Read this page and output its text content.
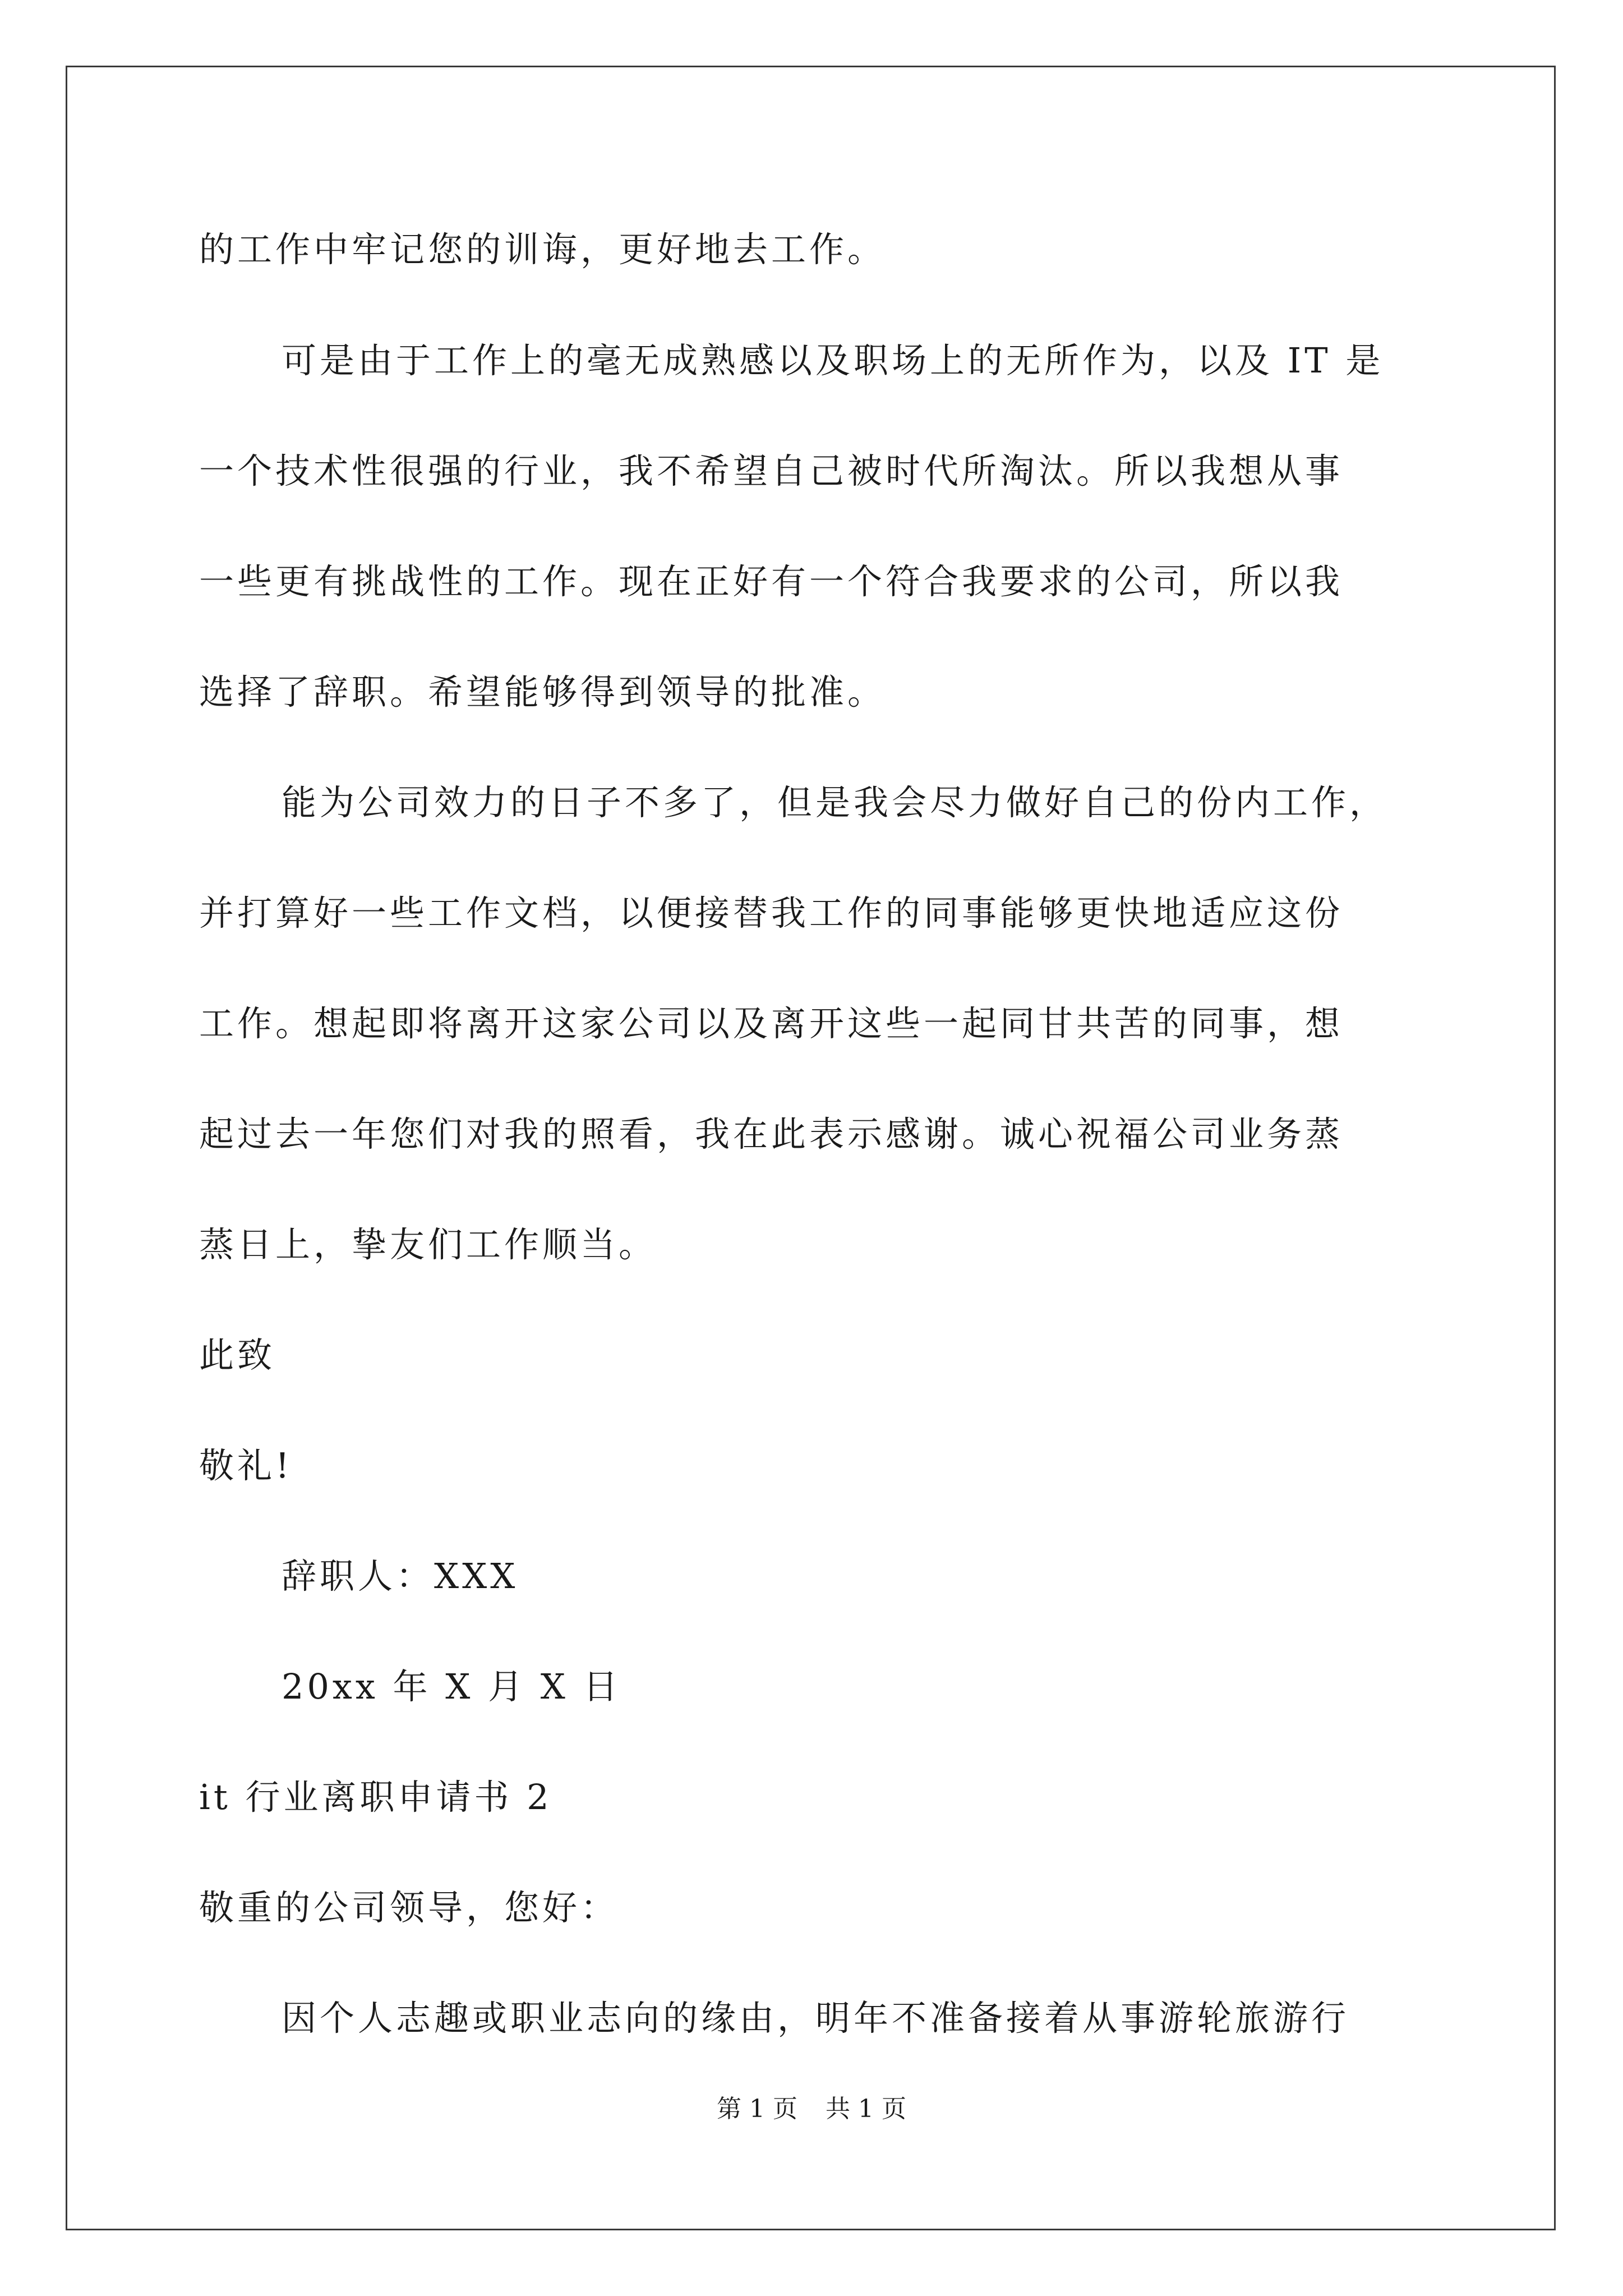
的工作中牢记您的训诲，更好地去工作。
可是由于工作上的毫无成熟感以及职场上的无所作为，以及 IT 是
一个技术性很强的行业，我不希望自己被时代所淘汰。所以我想从事
一些更有挑战性的工作。现在正好有一个符合我要求的公司，所以我
选择了辞职。希望能够得到领导的批准。
能为公司效力的日子不多了，但是我会尽力做好自己的份内工作，
并打算好一些工作文档，以便接替我工作的同事能够更快地适应这份
工作。想起即将离开这家公司以及离开这些一起同甘共苦的同事，想
起过去一年您们对我的照看，我在此表示感谢。诚心祝福公司业务蒸
蒸日上，挚友们工作顺当。
此致
敬礼!
辞职人：XXX
20xx 年 X 月 X 日
it 行业离职申请书 2
敬重的公司领导，您好：
因个人志趣或职业志向的缘由，明年不准备接着从事游轮旅游行
第 1 页 共 1 页
